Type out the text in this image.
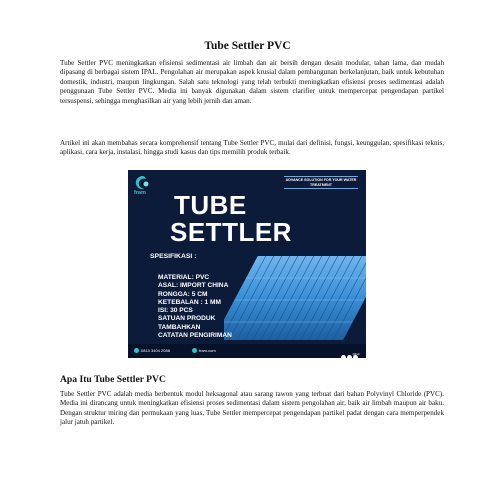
Tube Settler PVC

Tube Settler PVC meningkatkan efisiensi sedimentasi air limbah dan air bersih dengan desain modular, tahan lama, dan mudah dipasang di berbagai sistem IPAL. Pengolahan air merupakan aspek krusial dalam pembangunan berkelanjutan, baik untuk kebutuhan domestik, industri, maupun lingkungan. Salah satu teknologi yang telah terbukti meningkatkan efisiensi proses sedimentasi adalah penggunaan Tube Settler PVC. Media ini banyak digunakan dalam sistem clarifier untuk mempercepat pengendapan partikel tersuspensi, sehingga menghasilkan air yang lebih jernih dan aman.

Artikel ini akan membahas secara komprehensif tentang Tube Settler PVC, mulai dari definisi, fungsi, keunggulan, spesifikasi teknis, aplikasi, cara kerja, instalasi, hingga studi kasus dan tips memilih produk terbaik.

fram
ADVANCE SOLUTION FOR YOUR WATER TREATMENT
TUBE
SETTLER
SPESIFIKASI :
MATERIAL: PVC
ASAL: IMPORT CHINA
RONGGA: 5 CM
KETEBALAN : 1 MM
ISI: 30 PCS
SATUAN PRODUK
TAMBAHKAN
CATATAN PENGIRIMAN
0813 3404 2088	fram.com
@fram
Apa Itu Tube Settler PVC

Tube Settler PVC adalah media berbentuk modul heksagonal atau sarang tawon yang terbuat dari bahan Polyvinyl Chloride (PVC). Media ini dirancang untuk meningkatkan efisiensi proses sedimentasi dalam sistem pengolahan air, baik air limbah maupun air baku. Dengan struktur miring dan permukaan yang luas, Tube Settler mempercepat pengendapan partikel padat dengan cara memperpendek jalur jatuh partikel.
